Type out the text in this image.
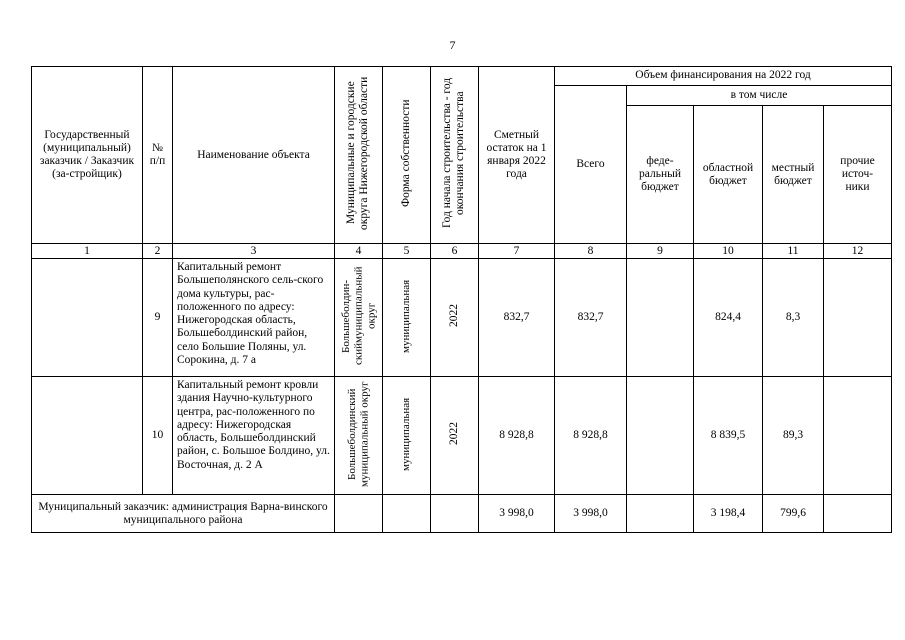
7
Государственный (муниципальный) заказчик / Заказчик (за-стройщик)	№ п/п	Наименование объекта	Муниципальные и городские округа Нижегородской области	Форма собственности	Год начала строительства - год окончания строительства	Сметный остаток на 1 января 2022 года	Объем финансирования на 2022 год				
							Всего	в том числе			

								феде-ральный бюджет	областной бюджет	местный бюджет	прочие источ-ники

1	2	3	4	5	6	7	8	9	10	11	12
	9	Капитальный ремонт Большеполянского сель-ского дома культуры, рас-положенного по адресу: Нижегородская область, Большеболдинский район, село Большие Поляны, ул. Сорокина, д. 7 а	Большеболдин-скиймуниципальный округ	муниципальная	2022	832,7	832,7		824,4	8,3	
	10	Капитальный ремонт кровли здания Научно-культурного центра, рас-положенного по адресу: Нижегородская область, Большеболдинский район, с. Большое Болдино, ул. Восточная, д. 2 А	Большеболдинский муниципальный округ	муниципальная	2022	8 928,8	8 928,8		8 839,5	89,3	
Муниципальный заказчик: администрация Варна-винского муниципального района						3 998,0	3 998,0		3 198,4	799,6	
